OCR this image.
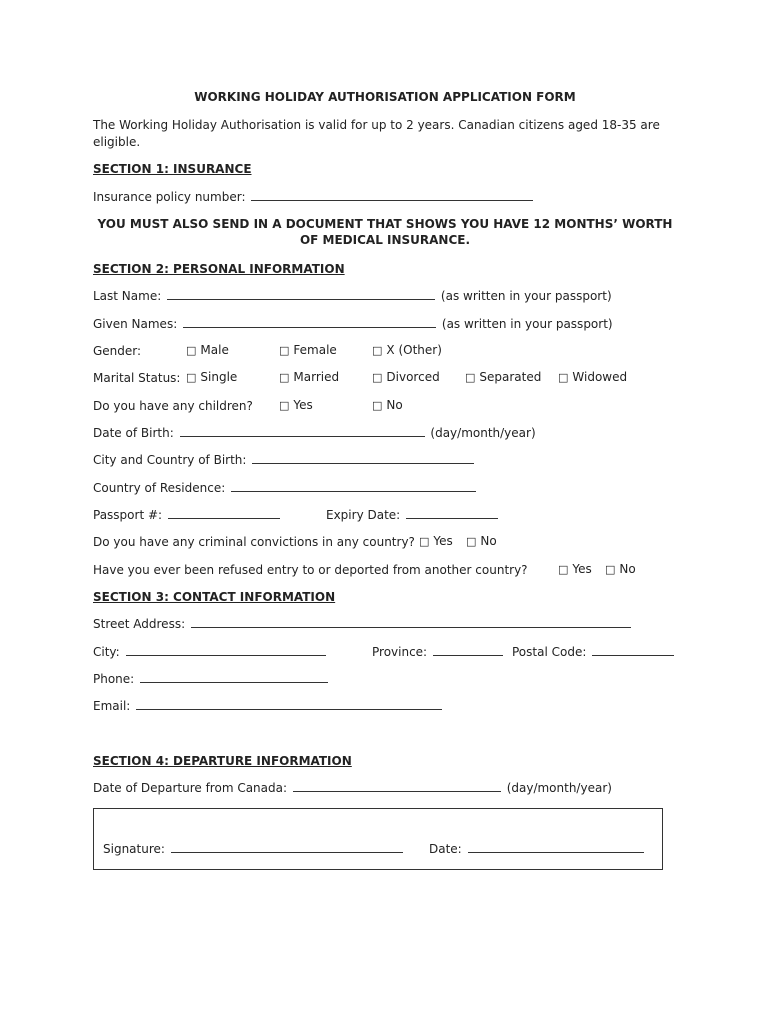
WORKING HOLIDAY AUTHORISATION APPLICATION FORM
The Working Holiday Authorisation is valid for up to 2 years. Canadian citizens aged 18-35 are
eligible.
SECTION 1: INSURANCE
Insurance policy number:
YOU MUST ALSO SEND IN A DOCUMENT THAT SHOWS YOU HAVE 12 MONTHS’ WORTH OF MEDICAL INSURANCE.
SECTION 2: PERSONAL INFORMATION
Last Name:	(as written in your passport)
Given Names:	(as written in your passport)
Gender:	□ Male	□ Female	□ X (Other)
Marital Status: □ Single	□ Married	□ Divorced □ Separated □ Widowed
Do you have any children? □ Yes	□ No
Date of Birth:	(day/month/year)
City and Country of Birth:
Country of Residence:
Passport #:	Expiry Date:
Do you have any criminal convictions in any country? □ Yes □ No
Have you ever been refused entry to or deported from another country?	□ Yes □ No
SECTION 3: CONTACT INFORMATION
Street Address:
City:	Province:	Postal Code:
Phone:
Email:
SECTION 4: DEPARTURE INFORMATION
Date of Departure from Canada:	(day/month/year)
Signature:	Date:
